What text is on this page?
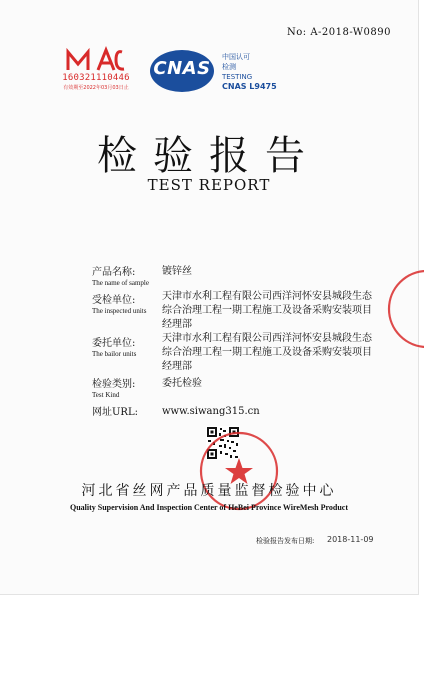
No: A-2018-W0890
160321110446
有效期至2022年03月03日止
CNAS
中国认可
检测
TESTING
CNAS L9475
检验报告
TEST REPORT
产品名称:
The name of sample
镀锌丝
受检单位:
The inspected units
天津市水利工程有限公司西洋河怀安县城段生态综合治理工程一期工程施工及设备采购安装项目经理部
委托单位:
The bailor units
天津市水利工程有限公司西洋河怀安县城段生态综合治理工程一期工程施工及设备采购安装项目经理部
检验类别:
Test Kind
委托检验
网址URL: www.siwang315.cn
河北省丝网产品质量监督检验中心
Quality Supervision And Inspection Center of HeBei Province WireMesh Product
检验报告发布日期: 2018-11-09
